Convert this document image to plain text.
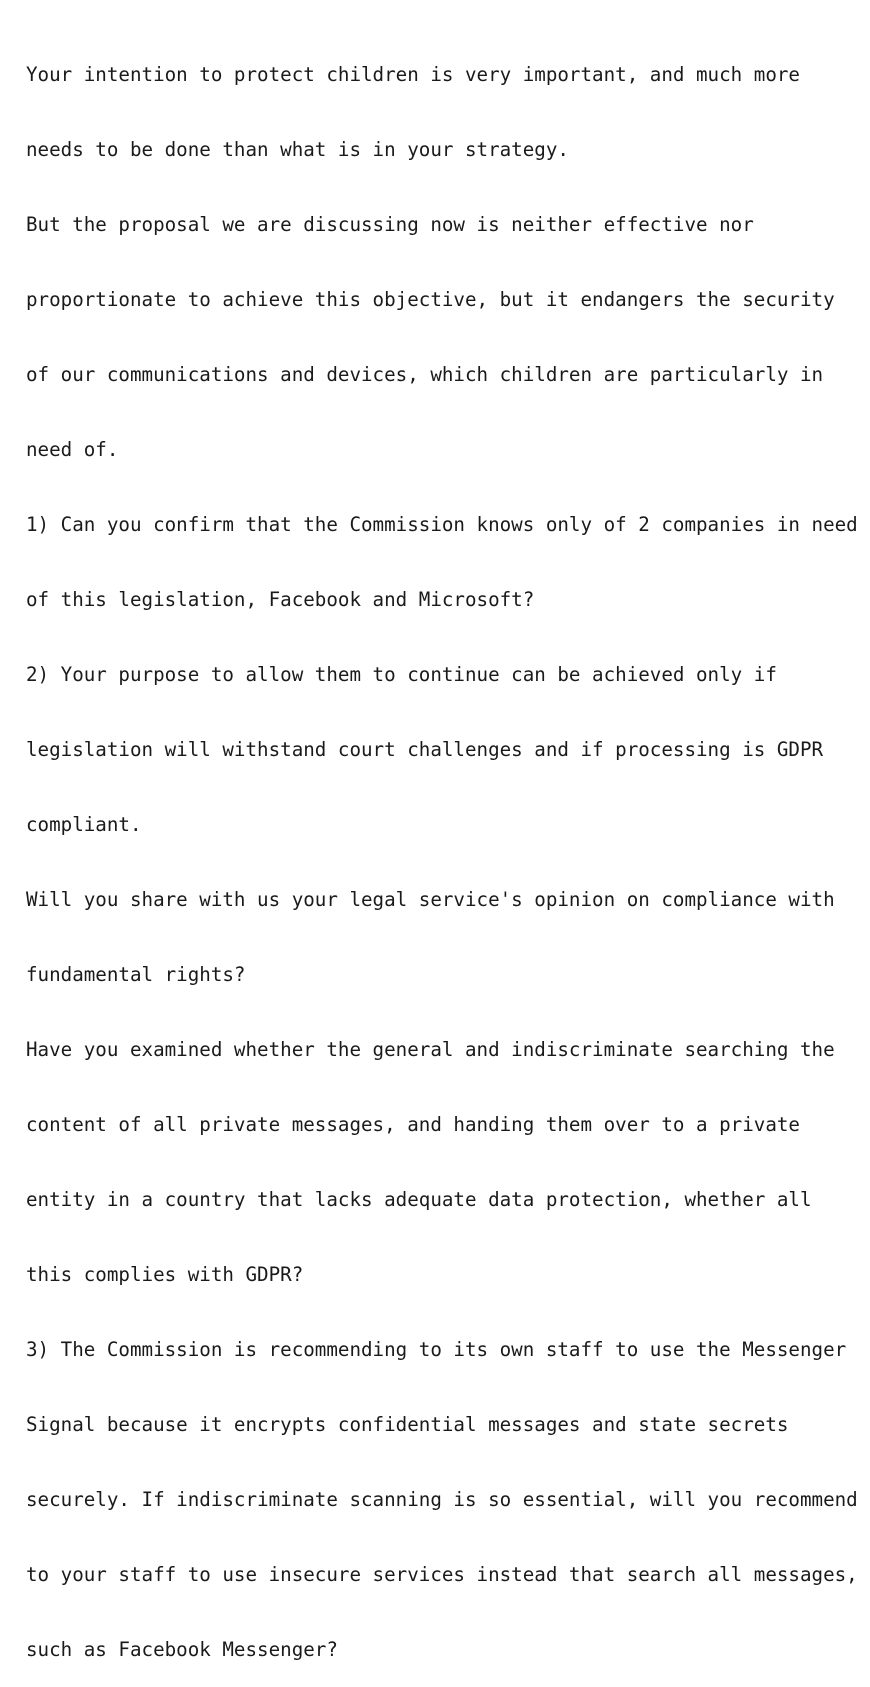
Your intention to protect children is very important, and much more

needs to be done than what is in your strategy.

But the proposal we are discussing now is neither effective nor

proportionate to achieve this objective, but it endangers the security

of our communications and devices, which children are particularly in

need of.

1) Can you confirm that the Commission knows only of 2 companies in need

of this legislation, Facebook and Microsoft?

2) Your purpose to allow them to continue can be achieved only if

legislation will withstand court challenges and if processing is GDPR

compliant.

Will you share with us your legal service's opinion on compliance with

fundamental rights?

Have you examined whether the general and indiscriminate searching the

content of all private messages, and handing them over to a private

entity in a country that lacks adequate data protection, whether all

this complies with GDPR?

3) The Commission is recommending to its own staff to use the Messenger

Signal because it encrypts confidential messages and state secrets

securely. If indiscriminate scanning is so essential, will you recommend

to your staff to use insecure services instead that search all messages,

such as Facebook Messenger?
